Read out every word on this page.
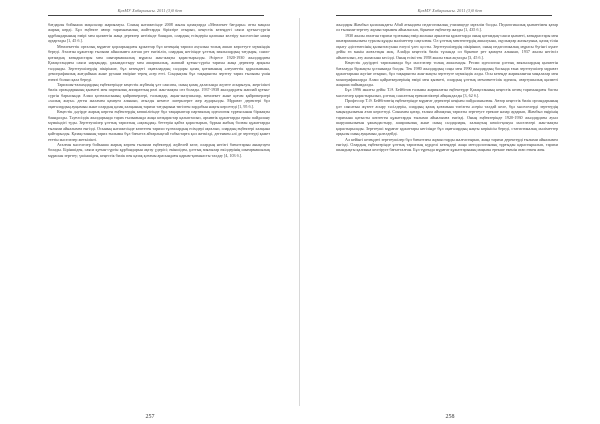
ҚазМУ Хабаршысы. 2011 (3)0 бет

бағдарлы бойынша мақалалар жариялауы. Соның нәтижесінде 2008 жылы қазақтарда «Мемлекет бағдары» атты мақала жарық көрді. Бұл еңбекте автор тарихнамалық жайттарды біріктіре отырып, кеңестік кезеңдегі саяси қуғын-сүргін құрбандарының өмірі мен қызметін жаңа деректер негізінде баяндап, олардың есімдерін қалпына келтіру мәселесіне назар аудартады [1, 45 б.].

Мемлекеттік орталық мұрағат қорларындағы құжаттар бұл кезеңнің тарихи ахуалын толық ашып көрсетуге мүмкіндік береді. Аталған құжаттар ғылыми айналымға алғаш рет енгізіліп, олардың негізінде ұлттық зиялылардың тағдыры, саяси-қоғамдық көзқарастары мен шығармашылық мұрасы жан-жақты қарастырылды. Әсіресе 1920-1930 жылдардағы Қазақстандағы саяси науқандар, ұжымдастыру мен ашаршылық, жаппай қуғын-сүргін тарихы жаңа деректер арқылы талданды. Зерттеушілердің пікірінше, бұл кезеңдегі оқиғалардың салдары қазақ қоғамының әлеуметтік құрылымына, демографиялық жағдайына және рухани өміріне терең әсер етті. Сондықтан бұл тақырыпты зерттеу тарих ғылымы үшін өзекті болып қала береді.

Тарихшы-ғалымдардың еңбектерінде кеңестік жүйенің ұлт саясаты, оның қазақ даласында жүзеге асырылуы, жергілікті билік органдарының қызметі мен партиялық аппараттың рөлі жан-жақты сөз болады. 1937-1938 жылдардағы жаппай қуғын-сүргін барысында Алаш қозғалысының қайраткерлері, ғалымдар, ақын-жазушылар, мемлекет және қоғам қайраткерлері «халық жауы» деген жаламен қамауға алынып, атылды немесе лагерьлерге жер аударылды. Мұрағат деректері бұл оқиғалардың ауқымын және олардың қазақ халқының тарихи тағдырына тигізген зардабын нақты көрсетеді [1, 95 б.].

Кеңестік дәуірде жарық көрген еңбектердің көпшілігінде бұл тақырыптар партиялық идеология тұрғысынан біржақты баяндалды. Тәуелсіздік жылдарында тарих ғылымында жаңа көзқарастар қалыптасып, архивтік құжаттарды еркін пайдалану мүмкіндігі туды. Зерттеушілер ұлттық тарихтың «ақтаңдақ» беттерін қайта қарастырып, бұрын жабық болған құжаттарды ғылыми айналымға енгізді. Осының нәтижесінде көптеген тарихи тұлғалардың есімдері ақталып, олардың еңбектері халқына қайтарылды. Қазақстанның тарих ғылымы бұл бағытта айтарлықтай табыстарға қол жеткізді, дегенмен әлі де зерттеуді қажет ететін мәселелер жеткілікті.

Аталған мәселелер бойынша жарық көрген ғылыми еңбектерді жүйелей келе, олардың негізгі бағыттарын анықтауға болады. Біріншіден, саяси қуғын-сүргін құрбандарын ақтау үдерісі; екіншіден, ұлттық зиялылар өкілдерінің шығармашылық мұрасын зерттеу; үшіншіден, кеңестік билік пен қазақ қоғамы арасындағы қарым-қатынасты талдау [4, 103 б.].

257
ҚазМУ Хабаршысы. 2011 (3)0 бет

жылдары Жамбыл қаласындағы Абай атындағы педагогикалық училищеде мұғалім болды. Педагогикалық қызметімен қатар ол ғылыми-зерттеу жұмыстарымен айналысып, бірнеше еңбектер жазды [1, 435 б.].

1930 жылы аталған тарихи тұлғаның өмір жолына арналған құжаттарда оның қоғамдық-саяси қызметі, көзқарастары мен шығармашылығы туралы құнды мәліметтер сақталған. Ол ұлттық мектептердің ашылуына, оқулықтар жазылуына, қазақ тілін оқыту әдістемесінің қалыптасуына елеулі үлес қосты. Зерттеушілердің пікірінше, оның педагогикалық мұрасы бүгінгі күнге дейін өз мәнін жоғалтқан жоқ. Алайда кеңестік билік тұсында ол бірнеше рет қамауға алынып, 1937 жылы негізсіз айыпталып, ату жазасына кесілді. Оның есімі тек 1958 жылы ғана ақталды [3, 45 б.].

Кеңестік дәуірдегі тарихнамада бұл мәселелер толық ашылмады. Ресми идеология ұлттық зиялылардың қызметін бағалауда біржақты ұстанымда болды. Тек 1980 жылдардың соңы мен 1990 жылдардың басында ғана зерттеушілер мұрағат құжаттарына жүгіне отырып, бұл тақырыпты жан-жақты зерттеуге мүмкіндік алды. Осы кезеңде жарияланған мақалалар мен монографияларда Алаш қайраткерлерінің өмірі мен қызметі, олардың ұлттық мемлекеттілік идеясы, ағартушылық қызметі жаңаша пайымдалды.

Бұл 1996 жылғы дейін Т.Ә. Бейбітов ғалымы жариялаған еңбектерде Қазақстанның кеңестік кезең тарихындағы басты мәселелер қарастырылып, ұлттық саясаттың ерекшеліктері айқындалды [3, 62 б.].

Профессор Т.Ә. Бейбітовтің еңбектерінде мұрағат деректері кеңінен пайдаланылған. Автор кеңестік билік органдарының ұлт саясатын жүзеге асыру тәсілдерін, олардың қазақ қоғамына тигізген әсерін талдай келе, бұл мәселелерді зерттеудің маңыздылығын атап көрсетеді. Сонымен қатар, ғалым аймақтық тарихты зерттеуге ерекше назар аударып, Жамбыл өңірінің тарихына қатысты көптеген құжаттарды ғылыми айналымға енгізді. Оның еңбектерінде 1920-1930 жылдардағы ауыл шаруашылығын ұжымдастыру, ашаршылық және оның салдарлары, халықтың көшіп-қонуы мәселелері жан-жақты қарастырылады. Зерттеуші мұрағат құжаттары негізінде бұл оқиғалардың нақты көрінісін береді, статистикалық мәліметтер арқылы оның ауқымын дәлелдейді.

Ал кейінгі кезеңдегі зерттеушілер бұл бағыттағы жұмыстарды жалғастырып, жаңа тарихи деректерді ғылыми айналымға енгізді. Олардың еңбектерінде ұлттық тарихтың күрделі кезеңдері жаңа методологиялық тұрғыдан қарастырылып, тарихи шындықты қалпына келтіруге бағытталған. Бұл тұрғыда мұрағат құжаттарының маңызы ерекше екенін атап өткен жөн.

258
